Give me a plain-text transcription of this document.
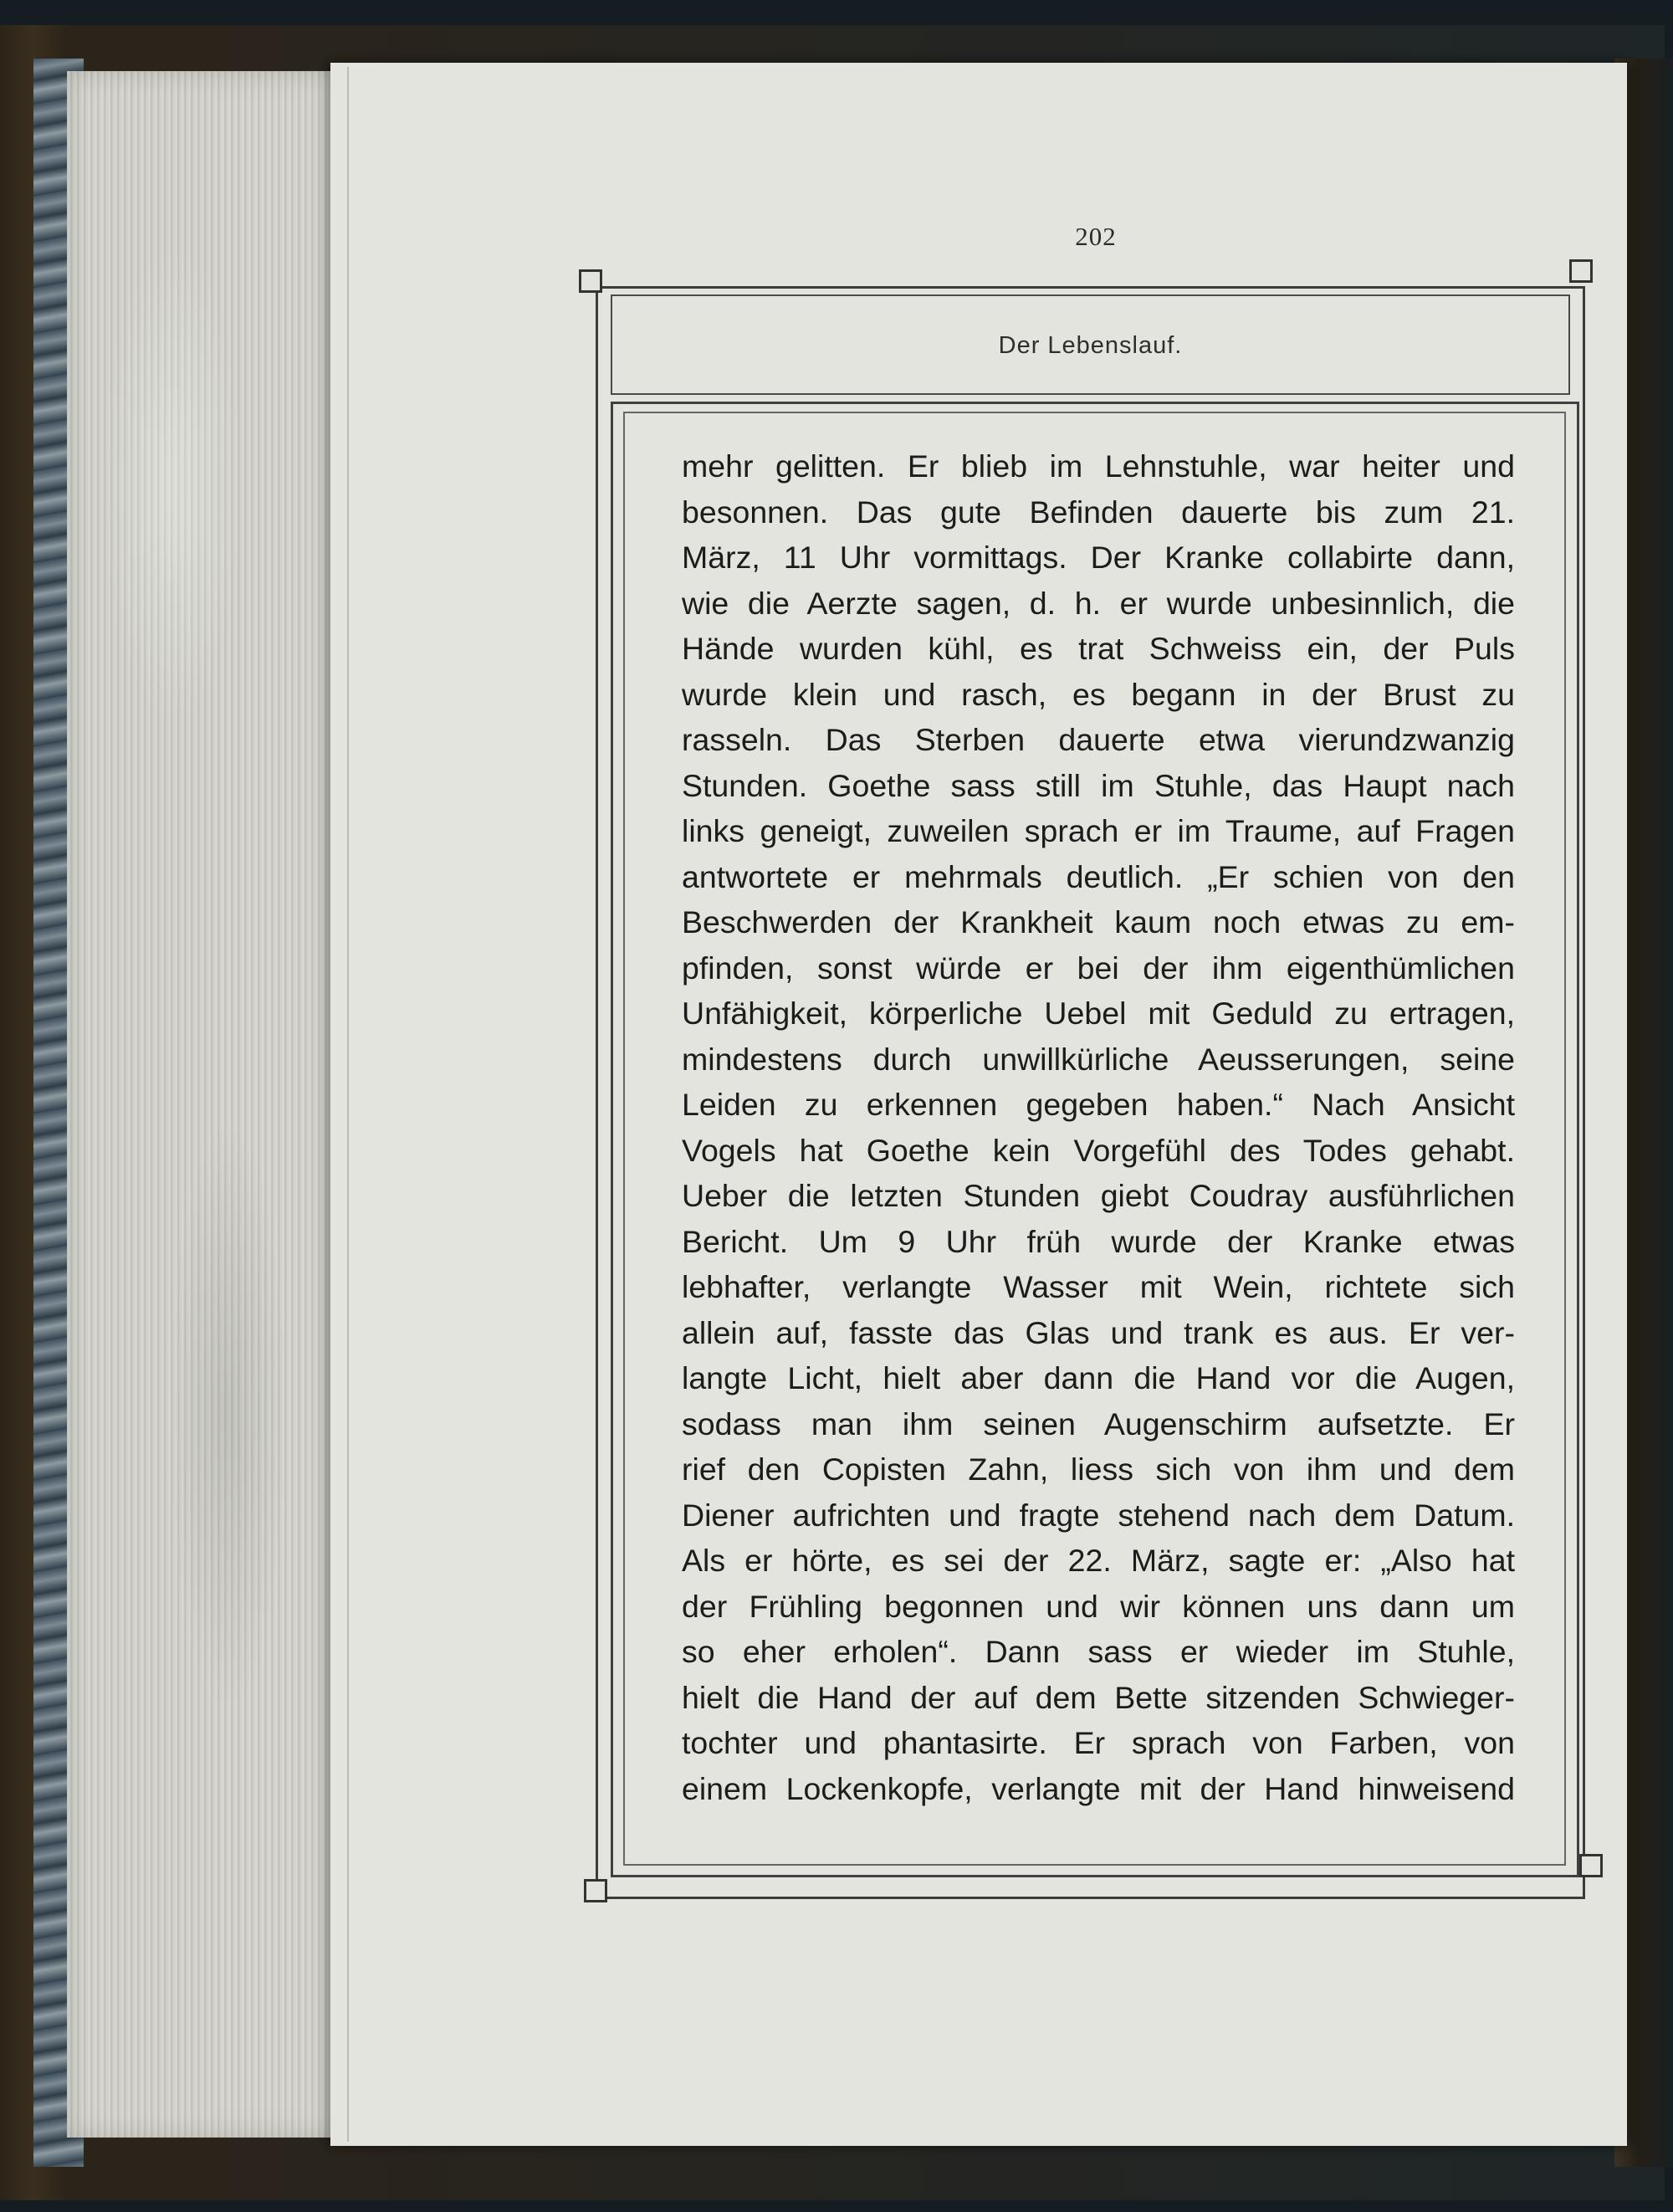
202
Der Lebenslauf.
mehr gelitten. Er blieb im Lehnstuhle, war heiter und
besonnen. Das gute Befinden dauerte bis zum 21.
März, 11 Uhr vormittags. Der Kranke collabirte dann,
wie die Aerzte sagen, d. h. er wurde unbesinnlich, die
Hände wurden kühl, es trat Schweiss ein, der Puls
wurde klein und rasch, es begann in der Brust zu
rasseln. Das Sterben dauerte etwa vierundzwanzig
Stunden. Goethe sass still im Stuhle, das Haupt nach
links geneigt, zuweilen sprach er im Traume, auf Fragen
antwortete er mehrmals deutlich. „Er schien von den
Beschwerden der Krankheit kaum noch etwas zu em-
pfinden, sonst würde er bei der ihm eigenthümlichen
Unfähigkeit, körperliche Uebel mit Geduld zu ertragen,
mindestens durch unwillkürliche Aeusserungen, seine
Leiden zu erkennen gegeben haben.“ Nach Ansicht
Vogels hat Goethe kein Vorgefühl des Todes gehabt.
Ueber die letzten Stunden giebt Coudray ausführlichen
Bericht. Um 9 Uhr früh wurde der Kranke etwas
lebhafter, verlangte Wasser mit Wein, richtete sich
allein auf, fasste das Glas und trank es aus. Er ver-
langte Licht, hielt aber dann die Hand vor die Augen,
sodass man ihm seinen Augenschirm aufsetzte. Er
rief den Copisten Zahn, liess sich von ihm und dem
Diener aufrichten und fragte stehend nach dem Datum.
Als er hörte, es sei der 22. März, sagte er: „Also hat
der Frühling begonnen und wir können uns dann um
so eher erholen“. Dann sass er wieder im Stuhle,
hielt die Hand der auf dem Bette sitzenden Schwieger-
tochter und phantasirte. Er sprach von Farben, von
einem Lockenkopfe, verlangte mit der Hand hinweisend
